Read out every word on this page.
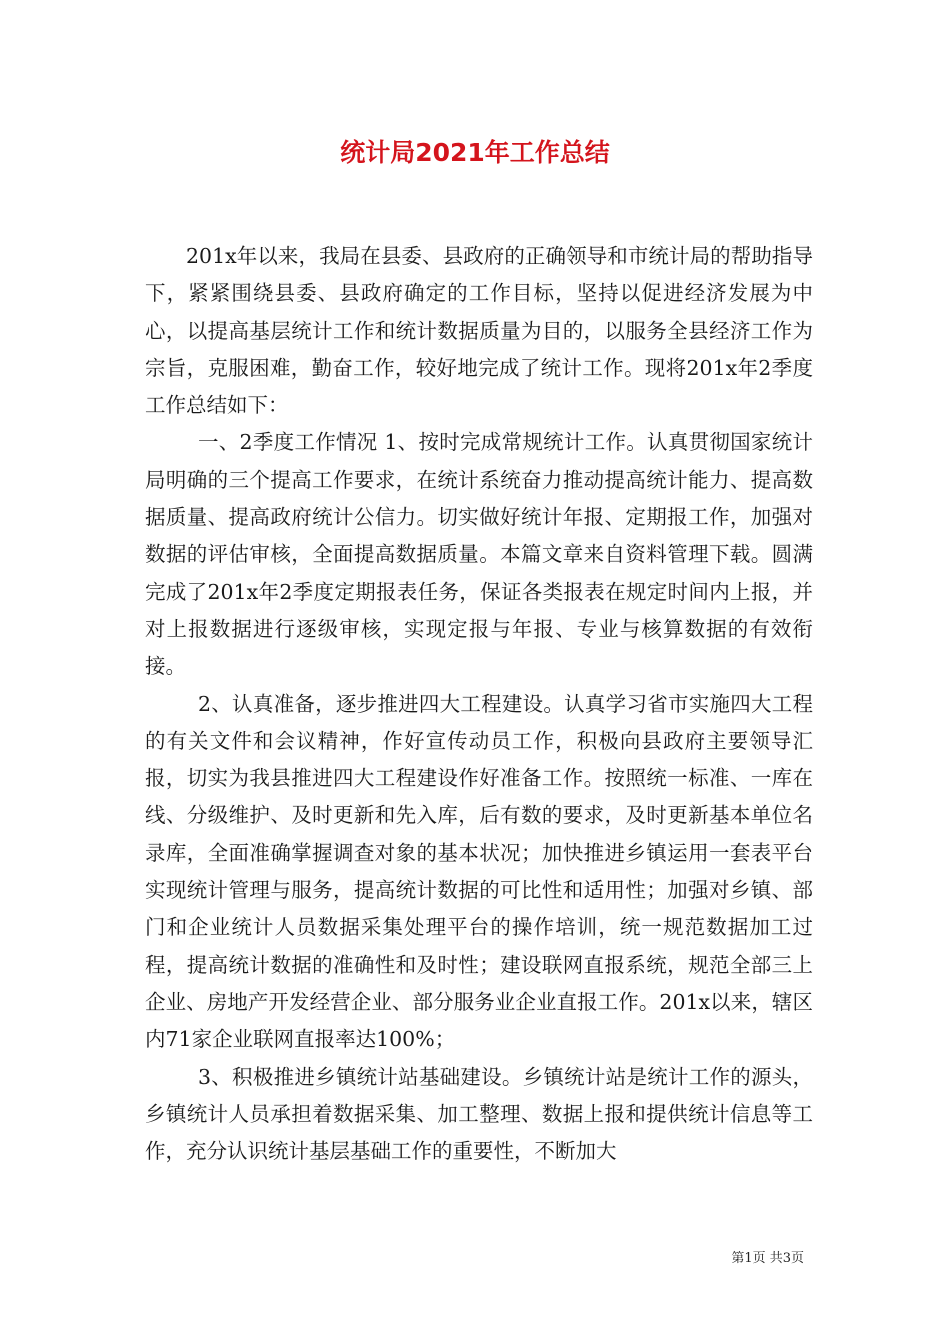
统计局2021年工作总结

201x年以来，我局在县委、县政府的正确领导和市统计局的帮助指导下，紧紧围绕县委、县政府确定的工作目标，坚持以促进经济发展为中心，以提高基层统计工作和统计数据质量为目的，以服务全县经济工作为宗旨，克服困难，勤奋工作，较好地完成了统计工作。现将201x年2季度工作总结如下：

一、2季度工作情况 1、按时完成常规统计工作。认真贯彻国家统计局明确的三个提高工作要求，在统计系统奋力推动提高统计能力、提高数据质量、提高政府统计公信力。切实做好统计年报、定期报工作，加强对数据的评估审核，全面提高数据质量。本篇文章来自资料管理下载。圆满完成了201x年2季度定期报表任务，保证各类报表在规定时间内上报，并对上报数据进行逐级审核，实现定报与年报、专业与核算数据的有效衔接。

2、认真准备，逐步推进四大工程建设。认真学习省市实施四大工程的有关文件和会议精神，作好宣传动员工作，积极向县政府主要领导汇报，切实为我县推进四大工程建设作好准备工作。按照统一标准、一库在线、分级维护、及时更新和先入库，后有数的要求，及时更新基本单位名录库，全面准确掌握调查对象的基本状况；加快推进乡镇运用一套表平台实现统计管理与服务，提高统计数据的可比性和适用性；加强对乡镇、部门和企业统计人员数据采集处理平台的操作培训，统一规范数据加工过程，提高统计数据的准确性和及时性；建设联网直报系统，规范全部三上企业、房地产开发经营企业、部分服务业企业直报工作。201x以来，辖区内71家企业联网直报率达100%；

3、积极推进乡镇统计站基础建设。乡镇统计站是统计工作的源头，乡镇统计人员承担着数据采集、加工整理、数据上报和提供统计信息等工作，充分认识统计基层基础工作的重要性，不断加大

第1页 共3页
